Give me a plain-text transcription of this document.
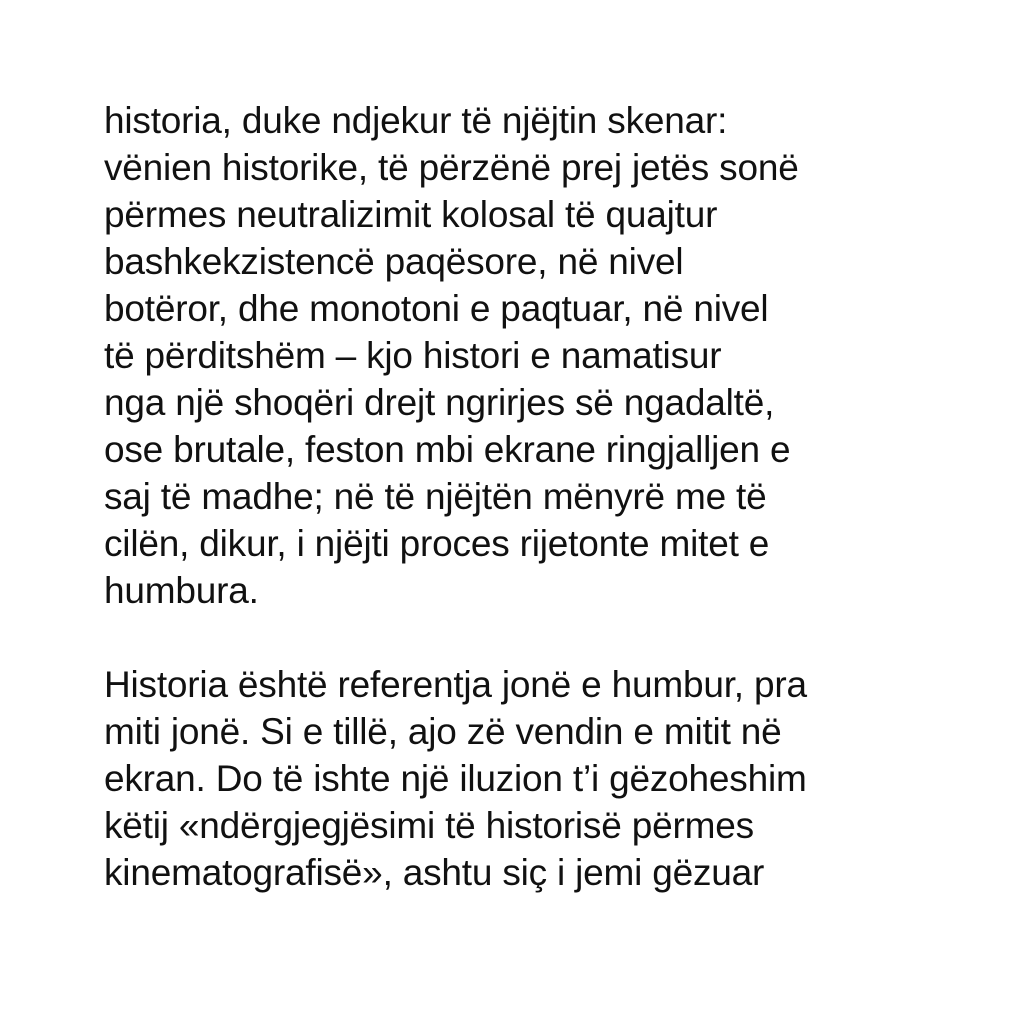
historia, duke ndjekur të njëjtin skenar:
vënien historike, të përzënë prej jetës sonë
përmes neutralizimit kolosal të quajtur
bashkekzistencë paqësore, në nivel
botëror, dhe monotoni e paqtuar, në nivel
të përditshëm – kjo histori e namatisur
nga një shoqëri drejt ngrirjes së ngadaltë,
ose brutale, feston mbi ekrane ringjalljen e
saj të madhe; në të njëjtën mënyrë me të
cilën, dikur, i njëjti proces rijetonte mitet e
humbura.
Historia është referentja jonë e humbur, pra
miti jonë. Si e tillë, ajo zë vendin e mitit në
ekran. Do të ishte një iluzion t’i gëzoheshim
këtij «ndërgjegjësimi të historisë përmes
kinematografisë», ashtu siç i jemi gëzuar
